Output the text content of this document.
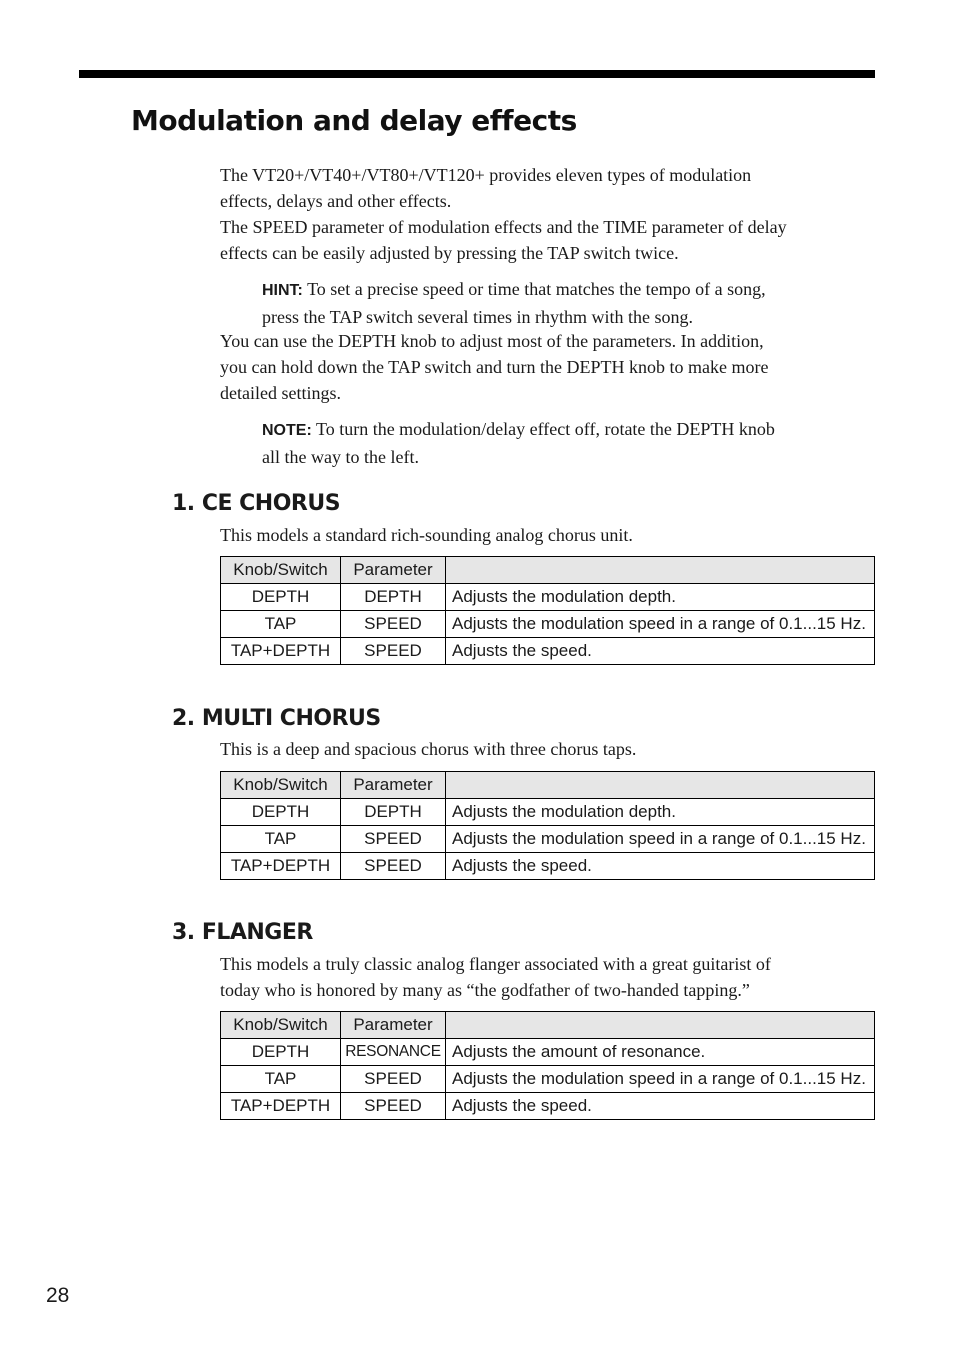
Modulation and delay effects
The VT20+/VT40+/VT80+/VT120+ provides eleven types of modulation
effects, delays and other effects.
The SPEED parameter of modulation effects and the TIME parameter of delay
effects can be easily adjusted by pressing the TAP switch twice.
HINT: To set a precise speed or time that matches the tempo of a song,
press the TAP switch several times in rhythm with the song.
You can use the DEPTH knob to adjust most of the parameters. In addition,
you can hold down the TAP switch and turn the DEPTH knob to make more
detailed settings.
NOTE: To turn the modulation/delay effect off, rotate the DEPTH knob
all the way to the left.
1. CE CHORUS
This models a standard rich-sounding analog chorus unit.
Knob/Switch	Parameter	
DEPTH	DEPTH	Adjusts the modulation depth.
TAP	SPEED	Adjusts the modulation speed in a range of 0.1...15 Hz.
TAP+DEPTH	SPEED	Adjusts the speed.
2. MULTI CHORUS
This is a deep and spacious chorus with three chorus taps.
Knob/Switch	Parameter	
DEPTH	DEPTH	Adjusts the modulation depth.
TAP	SPEED	Adjusts the modulation speed in a range of 0.1...15 Hz.
TAP+DEPTH	SPEED	Adjusts the speed.
3. FLANGER
This models a truly classic analog flanger associated with a great guitarist of
today who is honored by many as “the godfather of two-handed tapping.”
Knob/Switch	Parameter	
DEPTH	RESONANCE	Adjusts the amount of resonance.
TAP	SPEED	Adjusts the modulation speed in a range of 0.1...15 Hz.
TAP+DEPTH	SPEED	Adjusts the speed.
28
